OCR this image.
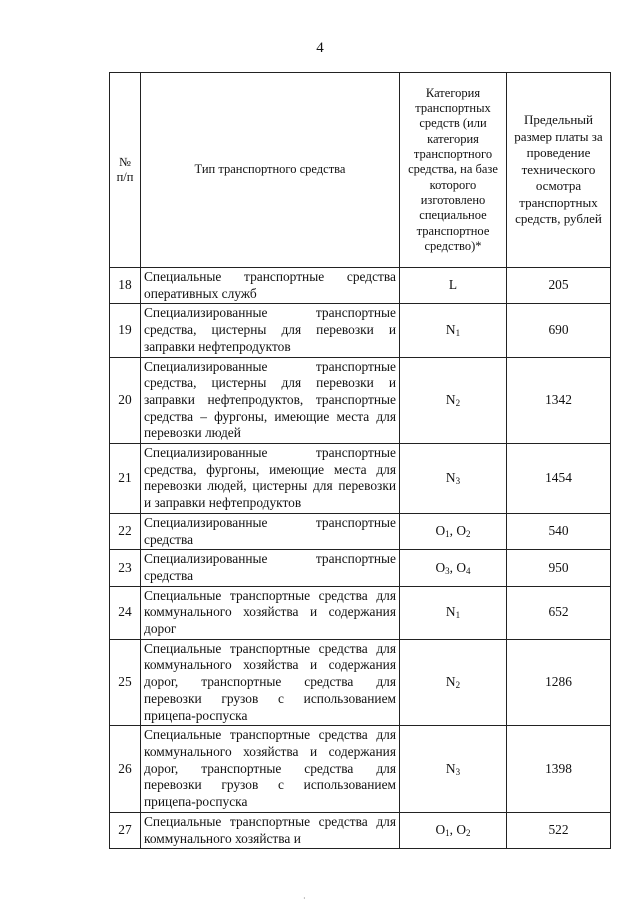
4
№ п/п	Тип транспортного средства	Категория транспортных средств (или категория транспортного средства, на базе которого изготовлено специальное транспортное средство)*	Предельный размер платы за проведение технического осмотра транспортных средств, рублей
18	Специальные транспортные средства оперативных служб	L	205
19	Специализированные транспортные средства, цистерны для перевозки и заправки нефтепродуктов	$N_1$	690
20	Специализированные транспортные средства, цистерны для перевозки и заправки нефтепродуктов, транспортные средства – фургоны, имеющие места для перевозки людей	$N_2$	1342
21	Специализированные транспортные средства, фургоны, имеющие места для перевозки людей, цистерны для перевозки и заправки нефтепродуктов	$N_3$	1454
22	Специализированные транспортные средства	$O_1$, $O_2$	540
23	Специализированные транспортные средства	$O_3$, $O_4$	950
24	Специальные транспортные средства для коммунального хозяйства и содержания дорог	$N_1$	652
25	Специальные транспортные средства для коммунального хозяйства и содержания дорог, транспортные средства для перевозки грузов с использованием прицепа-роспуска	$N_2$	1286
26	Специальные транспортные средства для коммунального хозяйства и содержания дорог, транспортные средства для перевозки грузов с использованием прицепа-роспуска	$N_3$	1398
27	Специальные транспортные средства для коммунального хозяйства и	$O_1$, $O_2$	522
·
